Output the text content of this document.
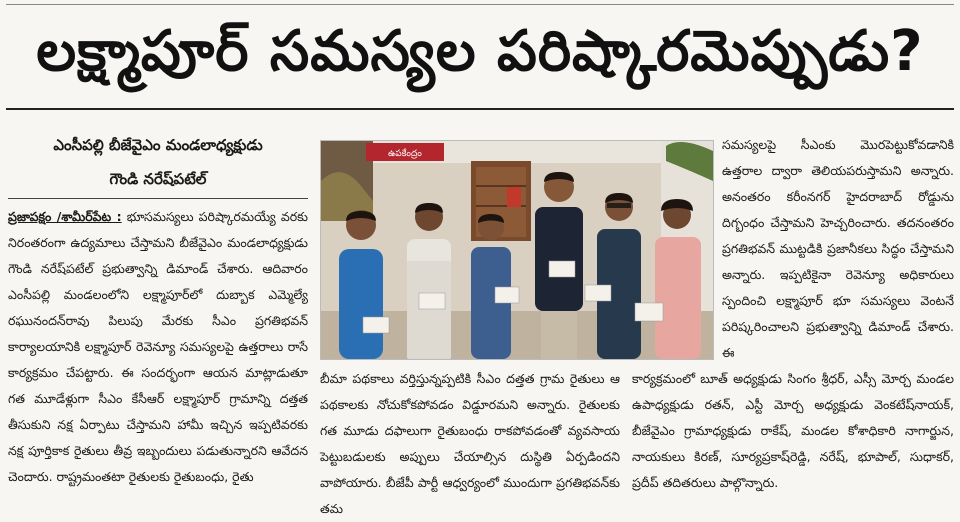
లక్ష్మాపూర్ సమస్యల పరిష్కారమెప్పుడు?
ఎంసీపల్లి బీజేవైఎం మండలాధ్యక్షుడు
గౌండి నరేష్‌పటేల్

ప్రజాపక్షం /శామీర్‌పేట : భూసమస్యలు పరిష్కారమయ్యే వరకు నిరంతరంగా ఉద్యమాలు చేస్తామని బీజేవైఎం మండలాధ్యక్షుడు గౌండి నరేష్‌పటేల్ ప్రభుత్వాన్ని డిమాండ్ చేశారు. ఆదివారం ఎంసీపల్లి మండలంలోని లక్ష్మాపూర్‌లో దుబ్బాక ఎమ్మెల్యే రఘునందన్‌రావు పిలుపు మేరకు సీఎం ప్రగతిభవన్ కార్యాలయానికి లక్ష్మాపూర్ రెవెన్యూ సమస్యలపై ఉత్తరాలు రాసే కార్యక్రమం చేపట్టారు. ఈ సందర్భంగా ఆయన మాట్లాడుతూ గత మూడేళ్లుగా సీఎం కేసీఆర్ లక్ష్మాపూర్ గ్రామాన్ని దత్తత తీసుకుని నక్ష ఏర్పాటు చేస్తామని హామీ ఇచ్చిన ఇప్పటివరకు నక్ష పూర్తికాక రైతులు తీవ్ర ఇబ్బందులు పడుతున్నారని ఆవేదన చెందారు. రాష్ట్రమంతటా రైతులకు రైతుబంధు, రైతు

ఉపకేంద్రం

సమస్యలపై సీఎంకు మొరపెట్టుకోవడానికి ఉత్తరాల ద్వారా తెలియపరుస్తామని అన్నారు. అనంతరం కరీంనగర్ హైదరాబాద్ రోడ్డును దిగ్బంధం చేస్తామని హెచ్చరించారు. తదనంతరం ప్రగతిభవన్ ముట్టడికి ప్రజానీకలు సిద్ధం చేస్తామని అన్నారు. ఇప్పటికైనా రెవెన్యూ అధికారులు స్పందించి లక్ష్మాపూర్ భూ సమస్యలు వెంటనే పరిష్కరించాలని ప్రభుత్వాన్ని డిమాండ్ చేశారు. ఈ

బీమా పథకాలు వర్తిస్తున్నప్పటికి సీఎం దత్తత గ్రామ రైతులు ఆ పథకాలకు నోచుకోకపోవడం విడ్డూరమని అన్నారు. రైతులకు గత మూడు దఫాలుగా రైతుబంధు రాకపోవడంతో వ్యవసాయ పెట్టుబడులకు అప్పులు చేయాల్సిన దుస్థితి ఏర్పడిందని వాపోయారు. బీజేపీ పార్టీ ఆధ్వర్యంలో ముందుగా ప్రగతిభవన్‌కు తమ

కార్యక్రమంలో బూత్ అధ్యక్షుడు సింగం శ్రీధర్, ఎస్సీ మోర్చ మండల ఉపాధ్యక్షుడు రతన్, ఎస్టీ మోర్చ అధ్యక్షుడు వెంకటేష్‌నాయక్, బీజేవైఎం గ్రామాధ్యక్షుడు రాకేష్, మండల కోశాధికారి నాగార్జున, నాయకులు కిరణ్, సూర్యప్రకాష్‌రెడ్డి, నరేష్, భూపాల్, సుధాకర్, ప్రదీప్ తదితరులు పాల్గొన్నారు.
